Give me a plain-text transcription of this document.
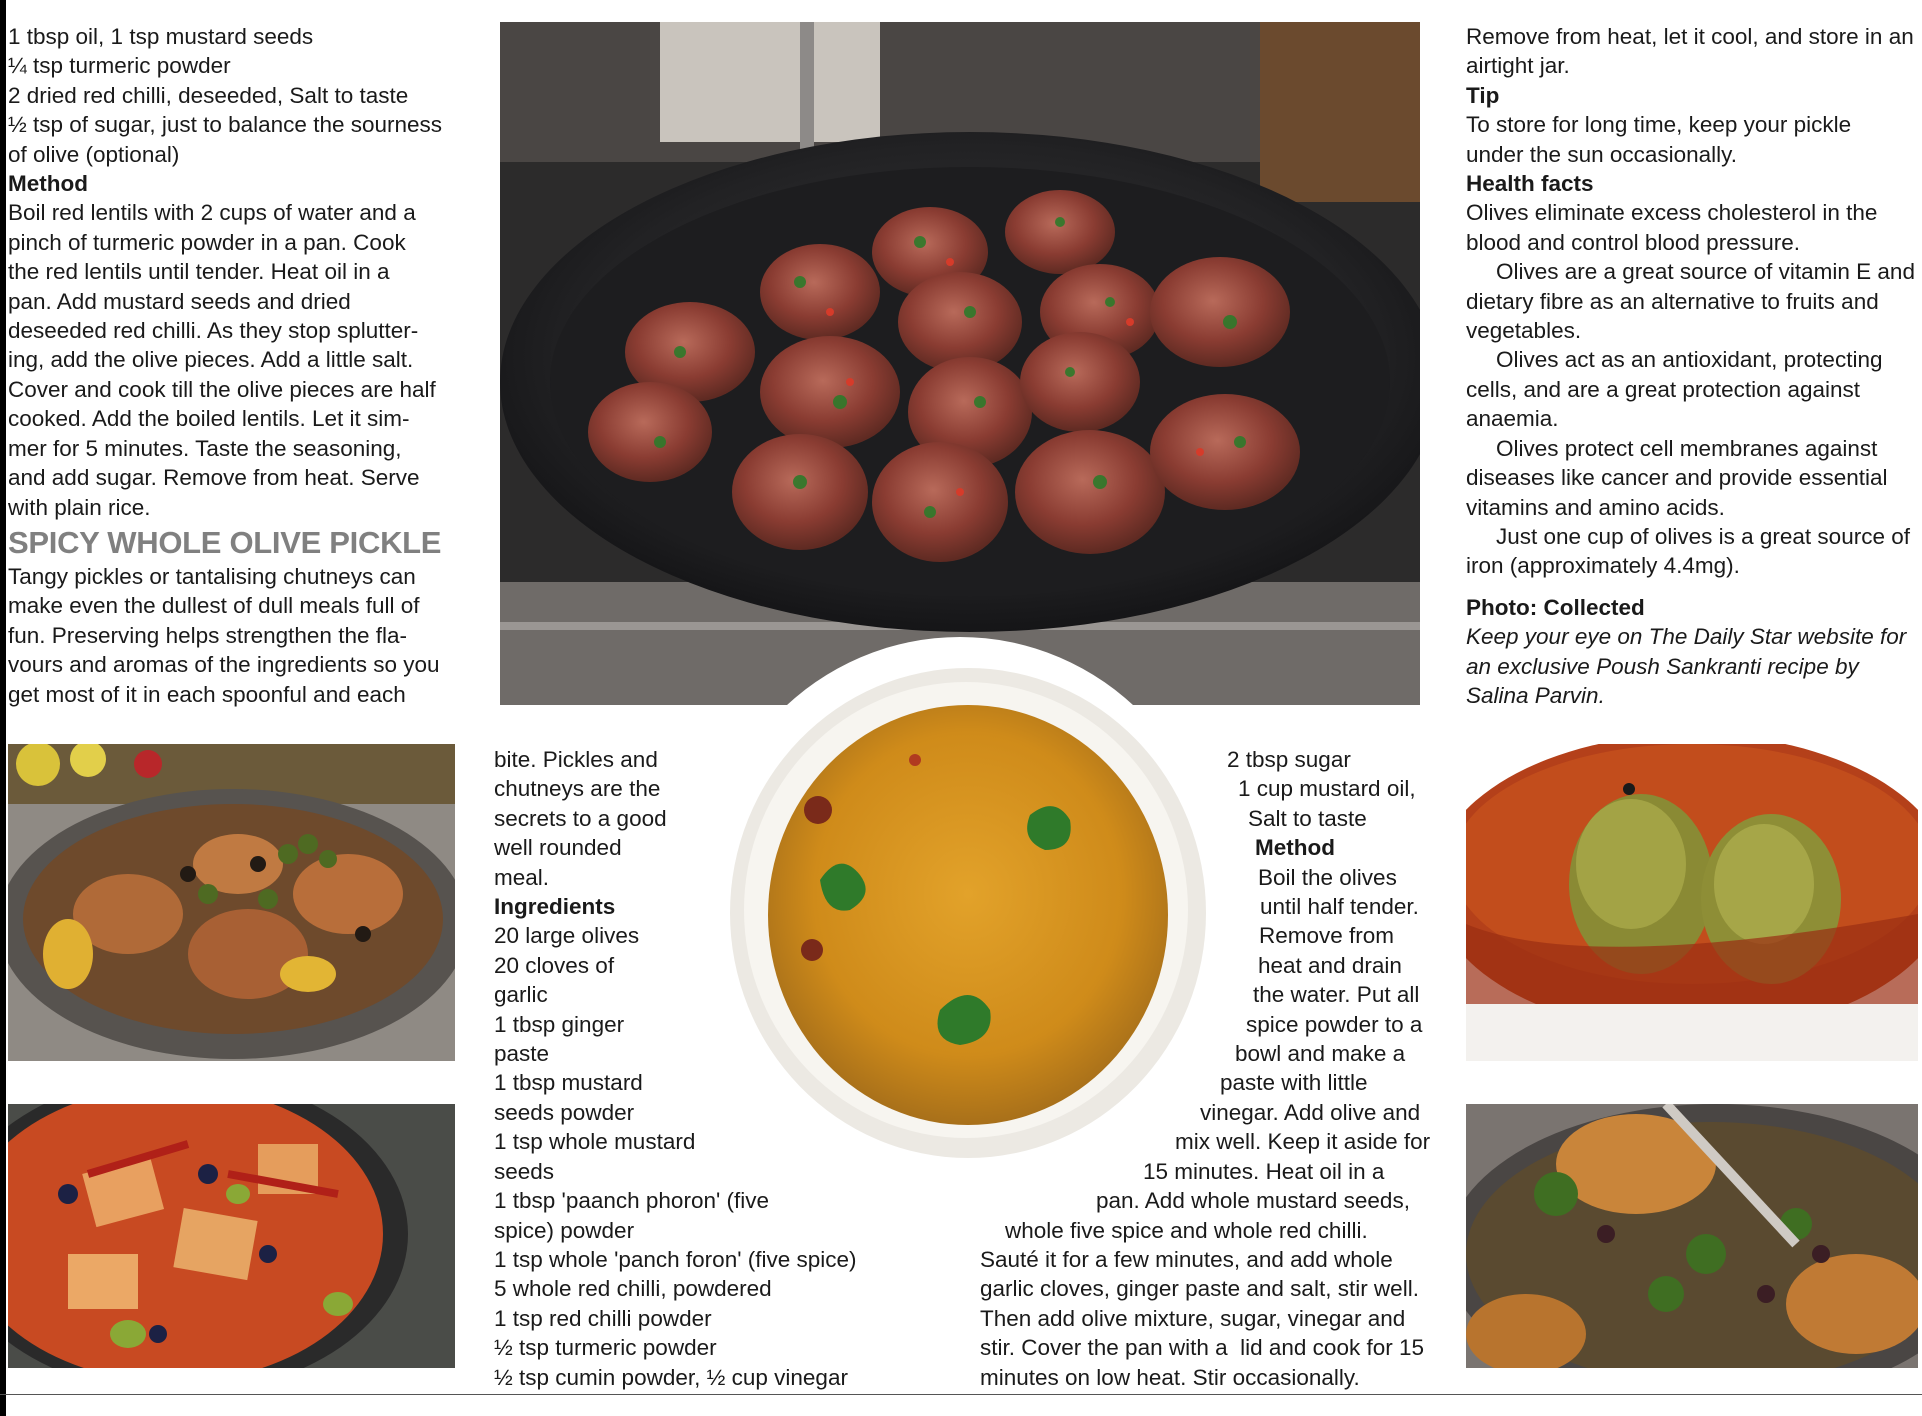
1 tbsp oil, 1 tsp mustard seeds
¼ tsp turmeric powder
2 dried red chilli, deseeded, Salt to taste
½ tsp of sugar, just to balance the sourness
of olive (optional)

Method

Boil red lentils with 2 cups of water and a
pinch of turmeric powder in a pan. Cook
the red lentils until tender. Heat oil in a
pan. Add mustard seeds and dried
deseeded red chilli. As they stop splutter-
ing, add the olive pieces. Add a little salt.
Cover and cook till the olive pieces are half
cooked. Add the boiled lentils. Let it sim-
mer for 5 minutes. Taste the seasoning,
and add sugar. Remove from heat. Serve
with plain rice.
SPICY WHOLE OLIVE PICKLE
Tangy pickles or tantalising chutneys can
make even the dullest of dull meals full of
fun. Preserving helps strengthen the fla-
vours and aromas of the ingredients so you
get most of it in each spoonful and each
bite. Pickles and
chutneys are the
secrets to a good
well rounded
meal.

Ingredients

20 large olives
20 cloves of
garlic
1 tbsp ginger
paste
1 tbsp mustard
seeds powder
1 tsp whole mustard
seeds
1 tbsp 'paanch phoron' (five
spice) powder
1 tsp whole 'panch foron' (five spice)
5 whole red chilli, powdered
1 tsp red chilli powder
½ tsp turmeric powder
½ tsp cumin powder, ½ cup vinegar
2 tbsp sugar
1 cup mustard oil,
Salt to taste

Method

Boil the olives
until half tender.
Remove from
heat and drain
the water. Put all
spice powder to a
bowl and make a
paste with little
vinegar. Add olive and
mix well. Keep it aside for
15 minutes. Heat oil in a
pan. Add whole mustard seeds,
whole five spice and whole red chilli.
Sauté it for a few minutes, and add whole
garlic cloves, ginger paste and salt, stir well.
Then add olive mixture, sugar, vinegar and
stir. Cover the pan with a  lid and cook for 15
minutes on low heat. Stir occasionally.
Remove from heat, let it cool, and store in an
airtight jar.

Tip

To store for long time, keep your pickle
under the sun occasionally.

Health facts

Olives eliminate excess cholesterol in the blood and control blood pressure.

Olives are a great source of vitamin E and dietary fibre as an alternative to fruits and vegetables.

Olives act as an antioxidant, protecting cells, and are a great protection against anaemia.

Olives protect cell membranes against diseases like cancer and provide essential vitamins and amino acids.

Just one cup of olives is a great source of iron (approximately 4.4mg).

Photo: Collected

Keep your eye on The Daily Star website for an exclusive Poush Sankranti recipe by Salina Parvin.
